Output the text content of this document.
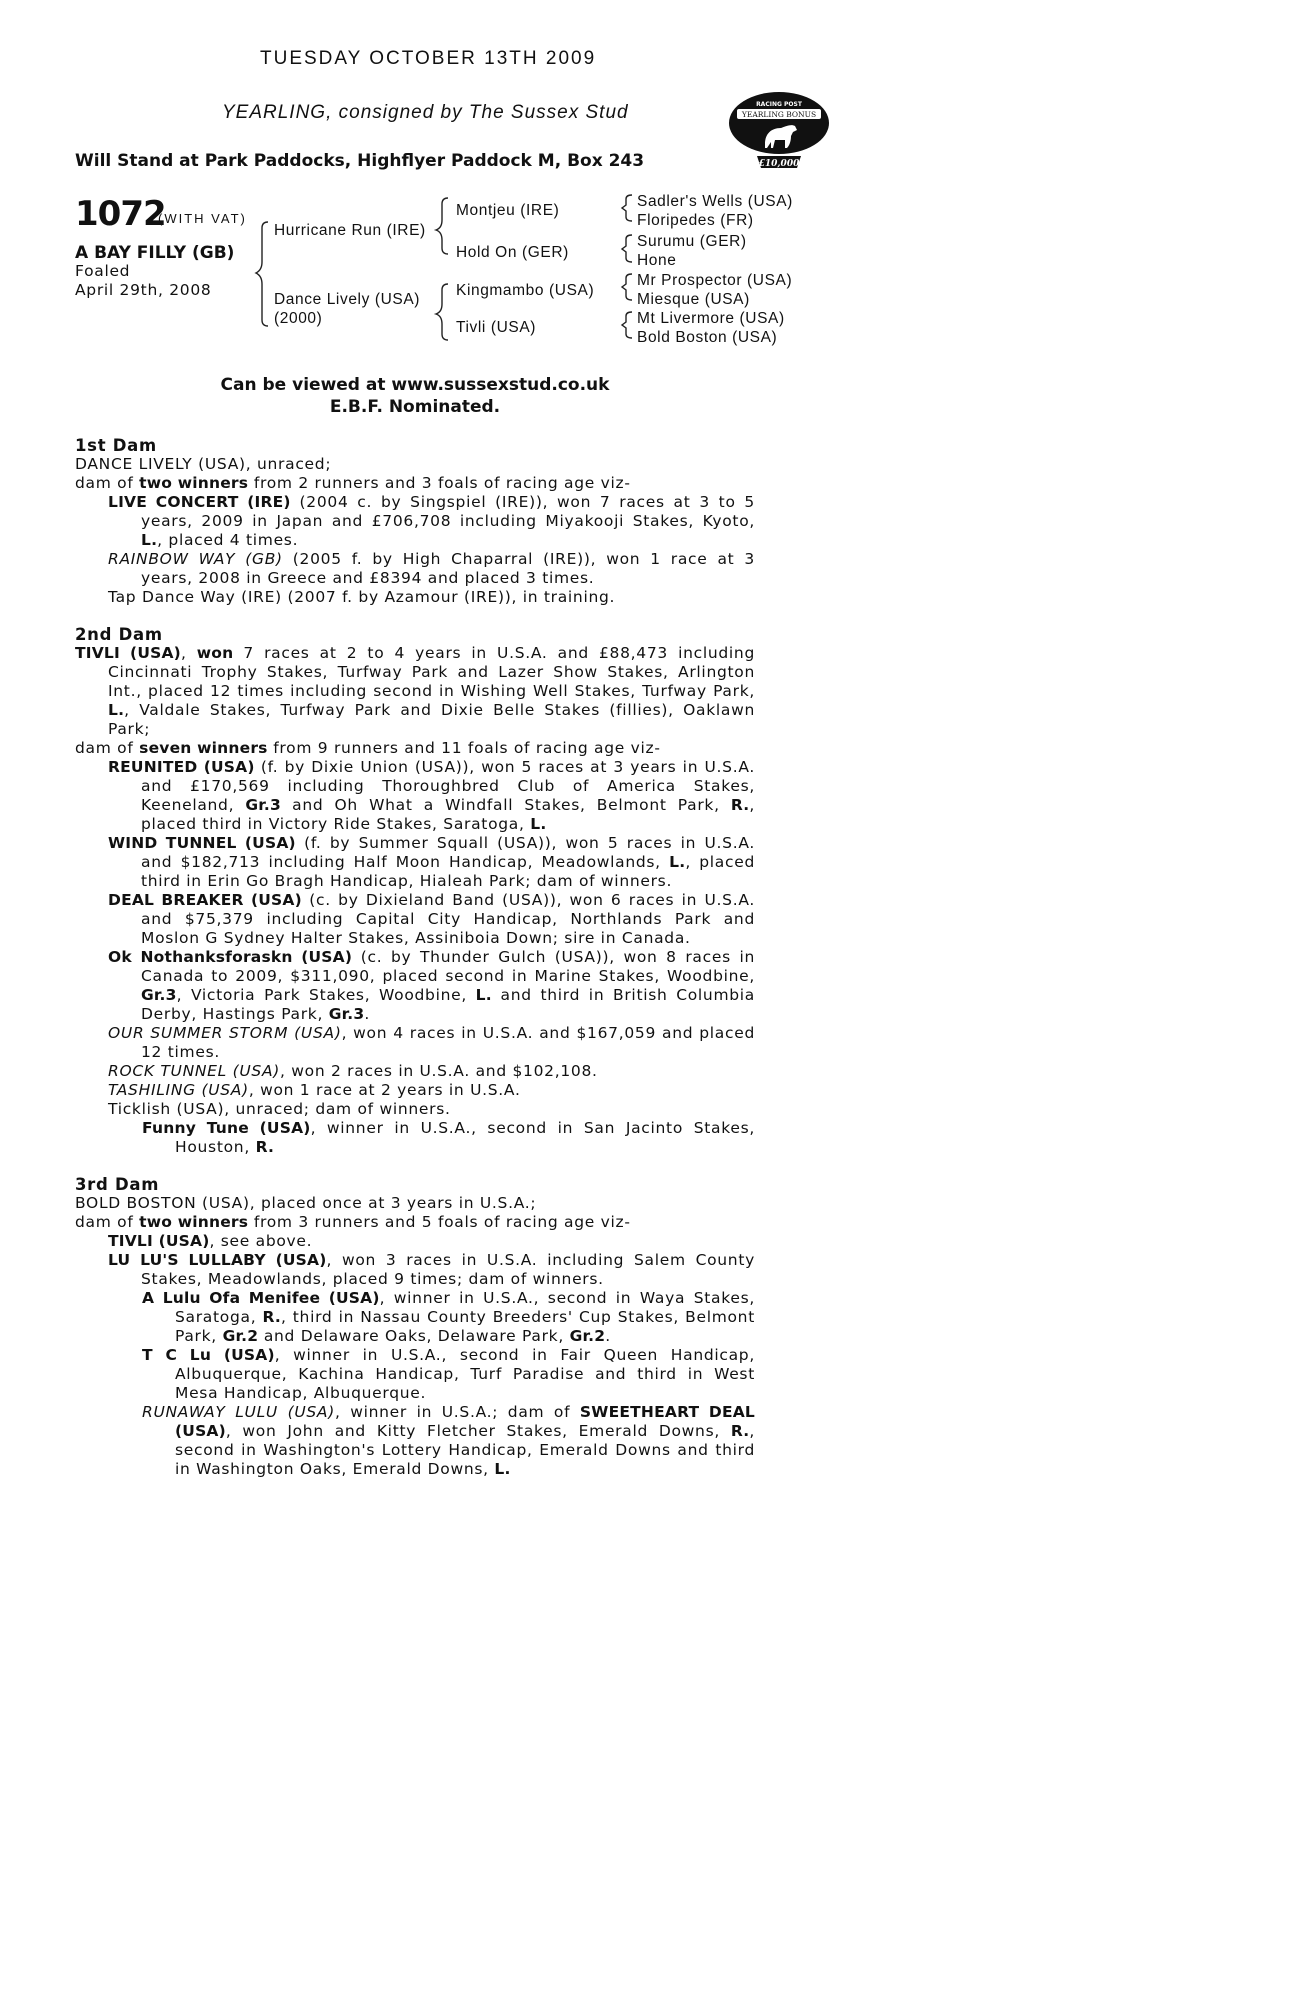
TUESDAY OCTOBER 13TH 2009
YEARLING, consigned by The Sussex Stud
Will Stand at Park Paddocks, Highflyer Paddock M, Box 243
RACING POST
YEARLING BONUS
£10,000
1072
(WITH VAT)
A BAY FILLY (GB)
Foaled
April 29th, 2008
Hurricane Run (IRE)
Dance Lively (USA)
(2000)
Montjeu (IRE)
Hold On (GER)
Kingmambo (USA)
Tivli (USA)
Sadler's Wells (USA)
Floripedes (FR)
Surumu (GER)
Hone
Mr Prospector (USA)
Miesque (USA)
Mt Livermore (USA)
Bold Boston (USA)
Can be viewed at www.sussexstud.co.uk
E.B.F. Nominated.
1st Dam
DANCE LIVELY (USA), unraced;
dam of two winners from 2 runners and 3 foals of racing age viz-
LIVE CONCERT (IRE) (2004 c. by Singspiel (IRE)), won 7 races at 3 to 5 years, 2009 in Japan and £706,708 including Miyakooji Stakes, Kyoto, L., placed 4 times.
RAINBOW WAY (GB) (2005 f. by High Chaparral (IRE)), won 1 race at 3 years, 2008 in Greece and £8394 and placed 3 times.
Tap Dance Way (IRE) (2007 f. by Azamour (IRE)), in training.
2nd Dam
TIVLI (USA), won 7 races at 2 to 4 years in U.S.A. and £88,473 including Cincinnati Trophy Stakes, Turfway Park and Lazer Show Stakes, Arlington Int., placed 12 times including second in Wishing Well Stakes, Turfway Park, L., Valdale Stakes, Turfway Park and Dixie Belle Stakes (fillies), Oaklawn Park;
dam of seven winners from 9 runners and 11 foals of racing age viz-
REUNITED (USA) (f. by Dixie Union (USA)), won 5 races at 3 years in U.S.A. and £170,569 including Thoroughbred Club of America Stakes, Keeneland, Gr.3 and Oh What a Windfall Stakes, Belmont Park, R., placed third in Victory Ride Stakes, Saratoga, L.
WIND TUNNEL (USA) (f. by Summer Squall (USA)), won 5 races in U.S.A. and $182,713 including Half Moon Handicap, Meadowlands, L., placed third in Erin Go Bragh Handicap, Hialeah Park; dam of winners.
DEAL BREAKER (USA) (c. by Dixieland Band (USA)), won 6 races in U.S.A. and $75,379 including Capital City Handicap, Northlands Park and Moslon G Sydney Halter Stakes, Assiniboia Down; sire in Canada.
Ok Nothanksforaskn (USA) (c. by Thunder Gulch (USA)), won 8 races in Canada to 2009, $311,090, placed second in Marine Stakes, Woodbine, Gr.3, Victoria Park Stakes, Woodbine, L. and third in British Columbia Derby, Hastings Park, Gr.3.
OUR SUMMER STORM (USA), won 4 races in U.S.A. and $167,059 and placed 12 times.
ROCK TUNNEL (USA), won 2 races in U.S.A. and $102,108.
TASHILING (USA), won 1 race at 2 years in U.S.A.
Ticklish (USA), unraced; dam of winners.
Funny Tune (USA), winner in U.S.A., second in San Jacinto Stakes, Houston, R.
3rd Dam
BOLD BOSTON (USA), placed once at 3 years in U.S.A.;
dam of two winners from 3 runners and 5 foals of racing age viz-
TIVLI (USA), see above.
LU LU'S LULLABY (USA), won 3 races in U.S.A. including Salem County Stakes, Meadowlands, placed 9 times; dam of winners.
A Lulu Ofa Menifee (USA), winner in U.S.A., second in Waya Stakes, Saratoga, R., third in Nassau County Breeders' Cup Stakes, Belmont Park, Gr.2 and Delaware Oaks, Delaware Park, Gr.2.
T C Lu (USA), winner in U.S.A., second in Fair Queen Handicap, Albuquerque, Kachina Handicap, Turf Paradise and third in West Mesa Handicap, Albuquerque.
RUNAWAY LULU (USA), winner in U.S.A.; dam of SWEETHEART DEAL (USA), won John and Kitty Fletcher Stakes, Emerald Downs, R., second in Washington's Lottery Handicap, Emerald Downs and third in Washington Oaks, Emerald Downs, L.
